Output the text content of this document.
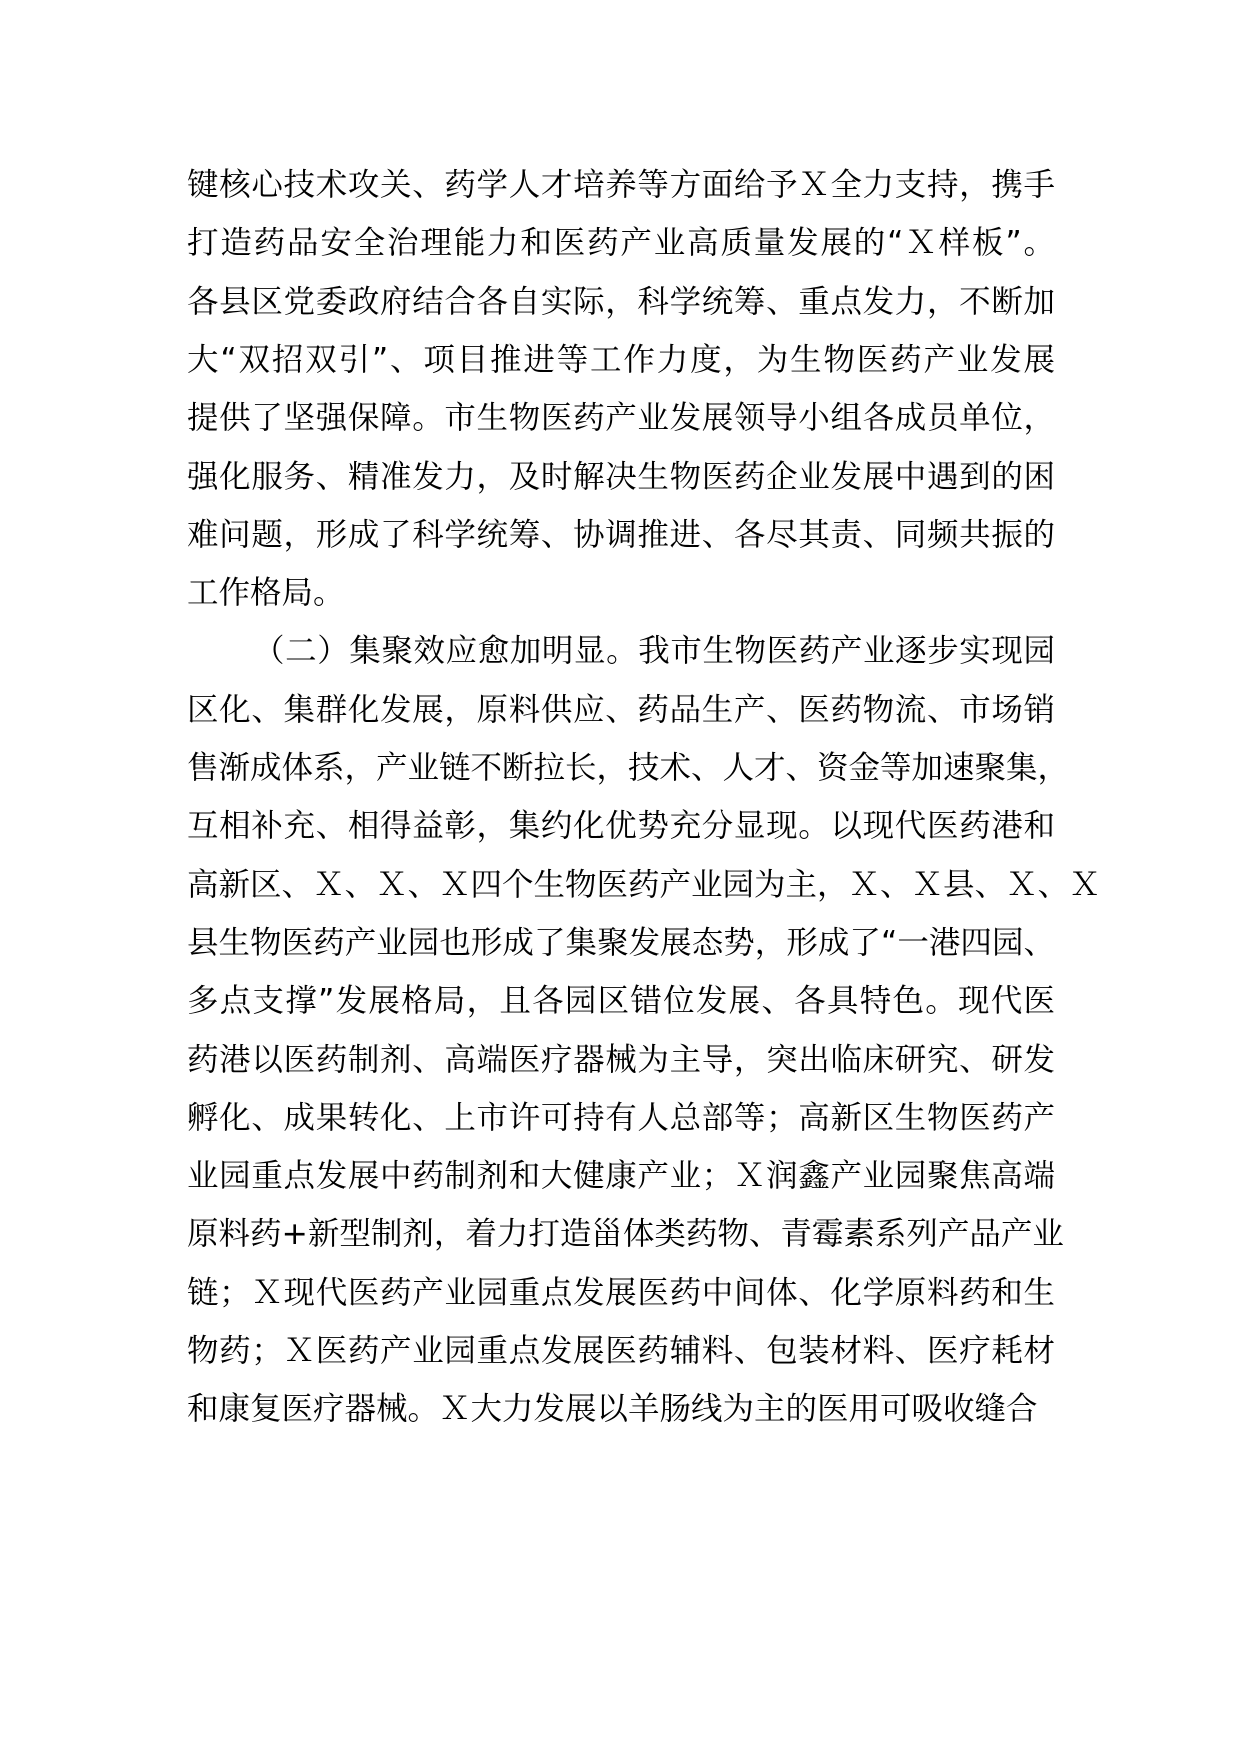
键核心技术攻关、药学人才培养等方面给予Ｘ全力支持，携手

打造药品安全治理能力和医药产业高质量发展的“Ｘ样板”。

各县区党委政府结合各自实际，科学统筹、重点发力，不断加

大“双招双引”、项目推进等工作力度，为生物医药产业发展

提供了坚强保障。市生物医药产业发展领导小组各成员单位，

强化服务、精准发力，及时解决生物医药企业发展中遇到的困

难问题，形成了科学统筹、协调推进、各尽其责、同频共振的

工作格局。

（二）集聚效应愈加明显。我市生物医药产业逐步实现园

区化、集群化发展，原料供应、药品生产、医药物流、市场销

售渐成体系，产业链不断拉长，技术、人才、资金等加速聚集，

互相补充、相得益彰，集约化优势充分显现。以现代医药港和

高新区、Ｘ、Ｘ、Ｘ四个生物医药产业园为主，Ｘ、Ｘ县、Ｘ、Ｘ

县生物医药产业园也形成了集聚发展态势，形成了“一港四园、

多点支撑”发展格局，且各园区错位发展、各具特色。现代医

药港以医药制剂、高端医疗器械为主导，突出临床研究、研发

孵化、成果转化、上市许可持有人总部等；高新区生物医药产

业园重点发展中药制剂和大健康产业；Ｘ润鑫产业园聚焦高端

原料药+新型制剂，着力打造甾体类药物、青霉素系列产品产业

链；Ｘ现代医药产业园重点发展医药中间体、化学原料药和生

物药；Ｘ医药产业园重点发展医药辅料、包装材料、医疗耗材

和康复医疗器械。Ｘ大力发展以羊肠线为主的医用可吸收缝合
